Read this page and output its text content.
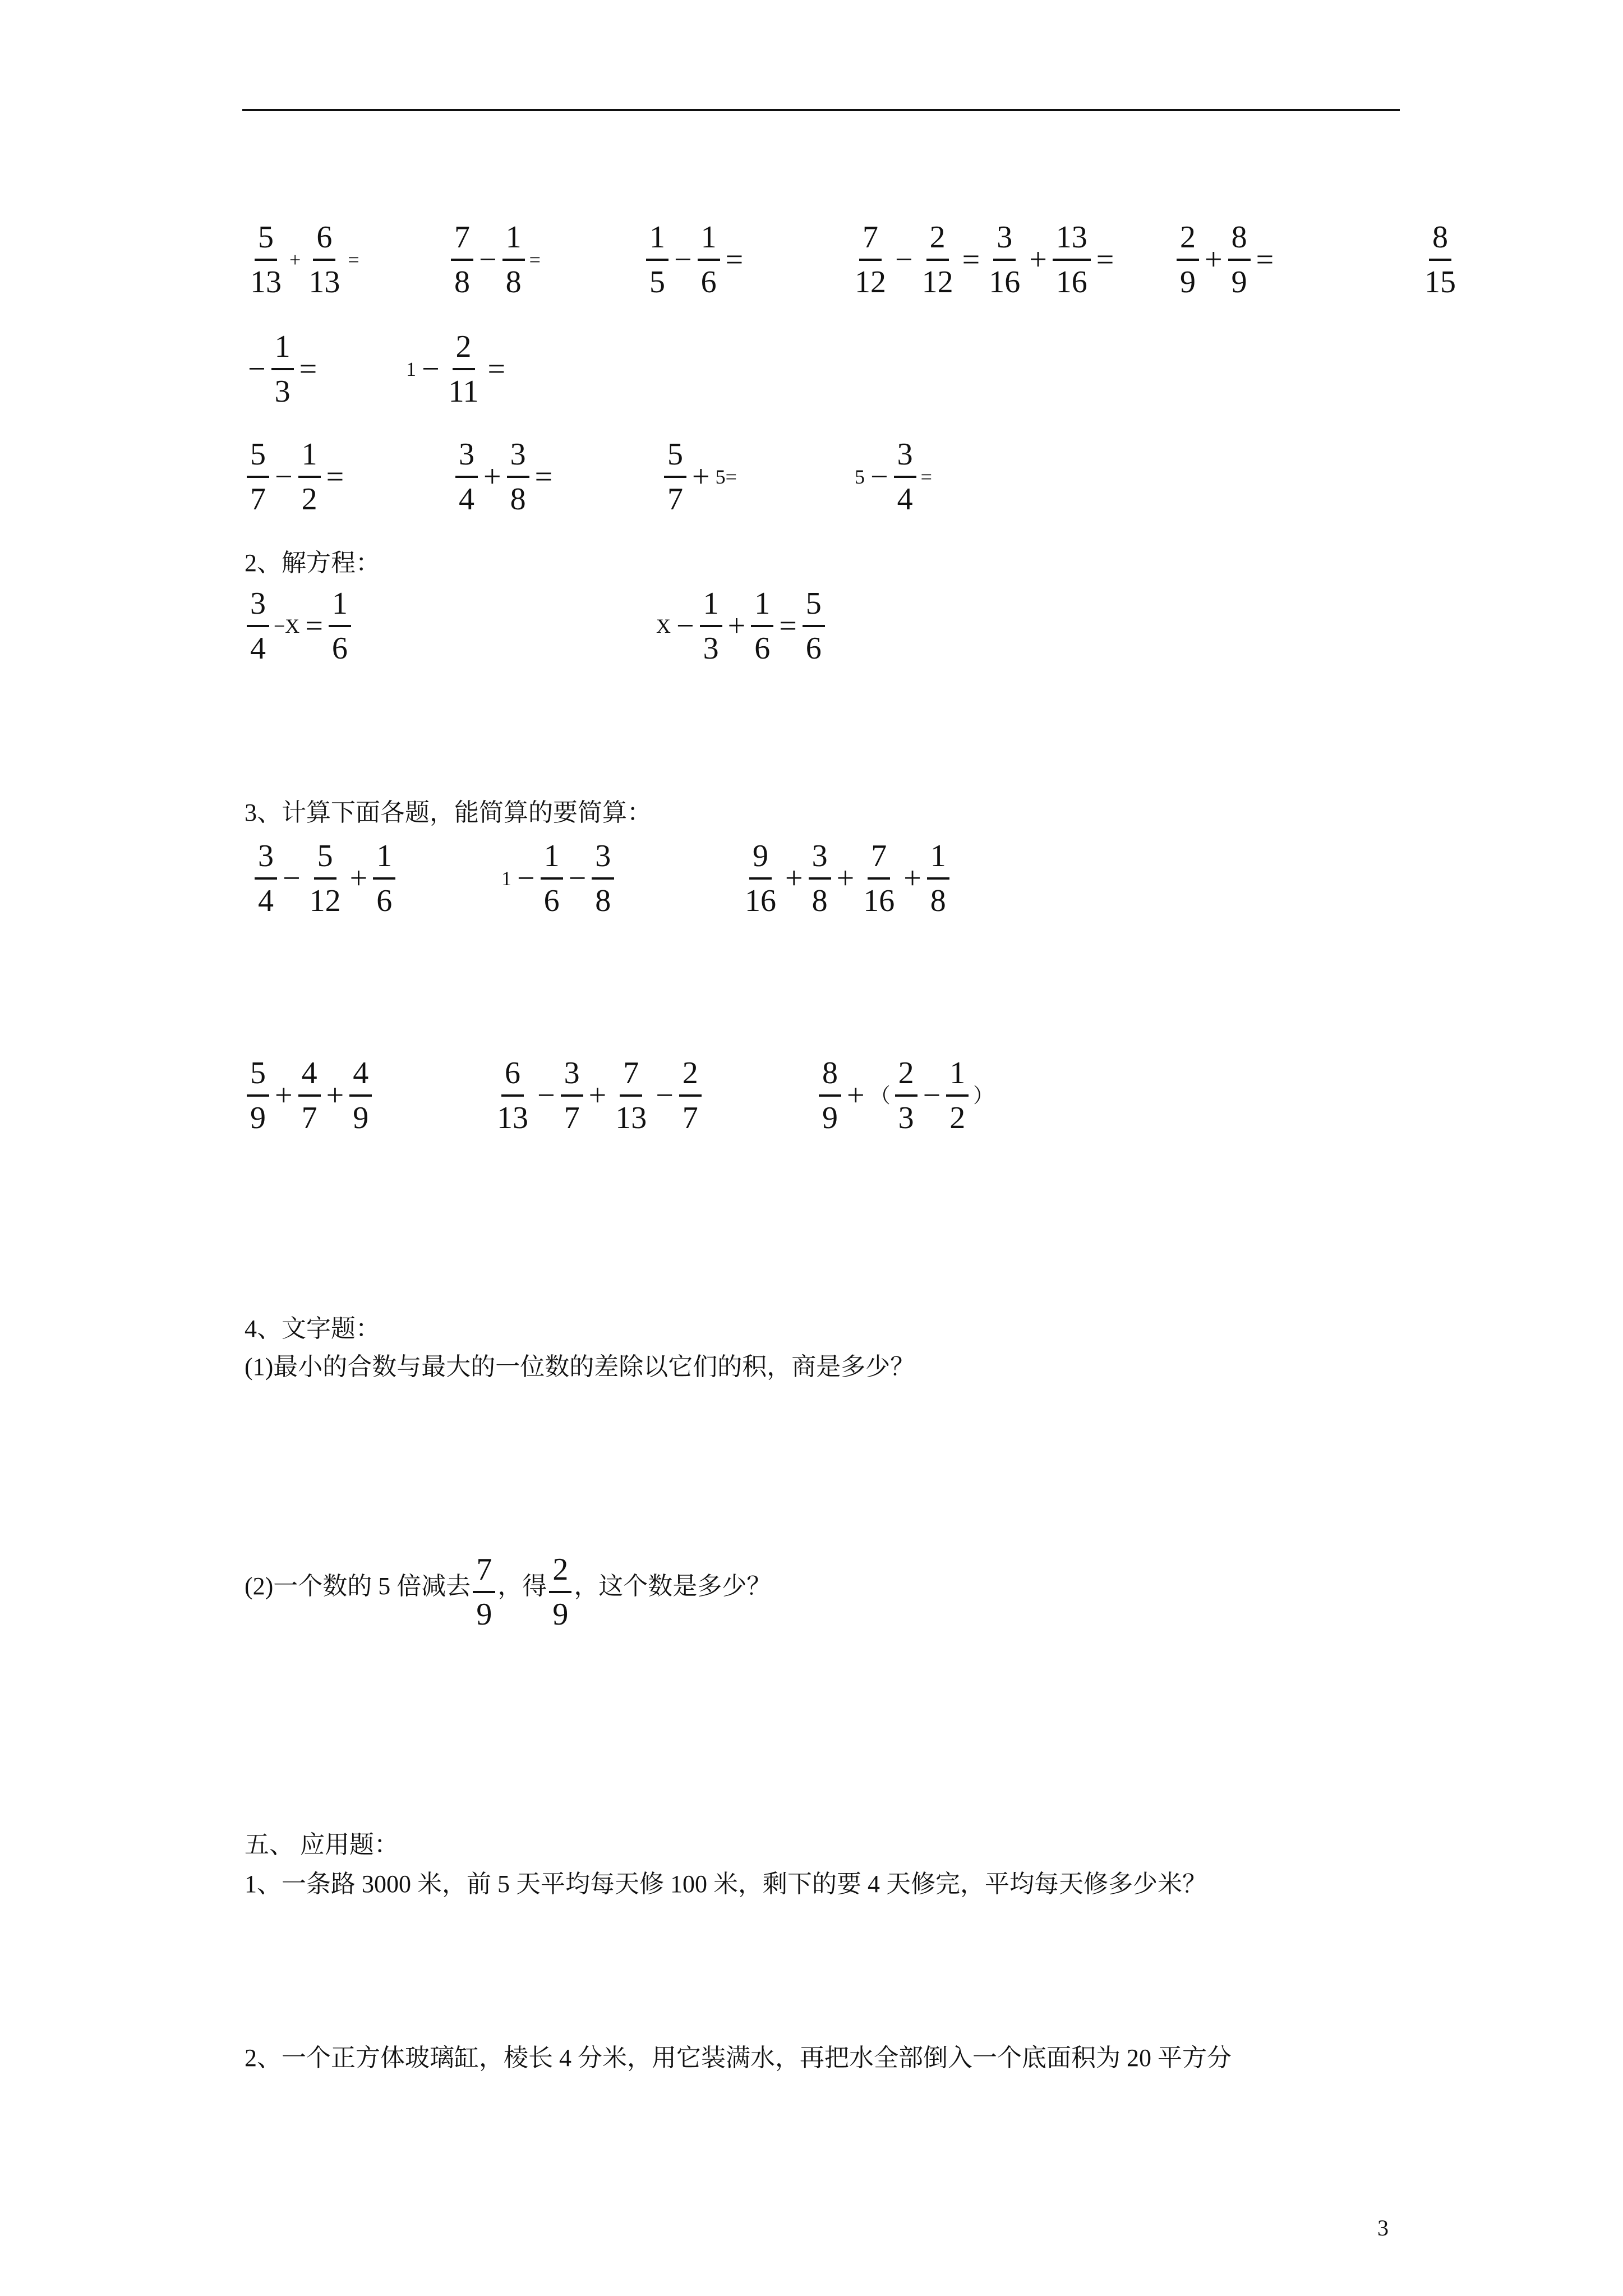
$\frac{5}{13} + \frac{6}{13}$ =	$\frac{7}{8} - \frac{1}{8}$ =	$\frac{1}{5} - \frac{1}{6}$ =	$\frac{7}{12} - \frac{2}{12} = \frac{3}{16} + \frac{13}{16} = \frac{2}{9} + \frac{8}{9}$ =	$\frac{8}{15}$
− $\frac{1}{3}$ =	$1 - \frac{2}{11}$ =
$\frac{5}{7} - \frac{1}{2}$ =	$\frac{3}{4} + \frac{3}{8}$ =	$\frac{5}{7} + 5=$	$5 - \frac{3}{4}$ =
2、解方程：
$\frac{3}{4} -X = \frac{1}{6}$	$X - \frac{1}{3} + \frac{1}{6} = \frac{5}{6}$
3、计算下面各题，能简算的要简算：
$\frac{3}{4} - \frac{5}{12} + \frac{1}{6}$	$1 - \frac{1}{6} - \frac{3}{8}$	$\frac{9}{16} + \frac{3}{8} + \frac{7}{16} + \frac{1}{8}$
$\frac{5}{9} + \frac{4}{7} + \frac{4}{9}$	$\frac{6}{13} - \frac{3}{7} + \frac{7}{13} - \frac{2}{7}$	$\frac{8}{9}$ + （ $\frac{2}{3} - \frac{1}{2}$ ）
4、文字题：
(1)最小的合数与最大的一位数的差除以它们的积，商是多少？
(2)一个数的 5 倍减去 $\frac{7}{9}$ ，得 $\frac{2}{9}$ ，这个数是多少？
五、 应用题：
1、一条路 3000 米，前 5 天平均每天修 100 米，剩下的要 4 天修完，平均每天修多少米？
2、一个正方体玻璃缸，棱长 4 分米，用它装满水，再把水全部倒入一个底面积为 20 平方分
3
